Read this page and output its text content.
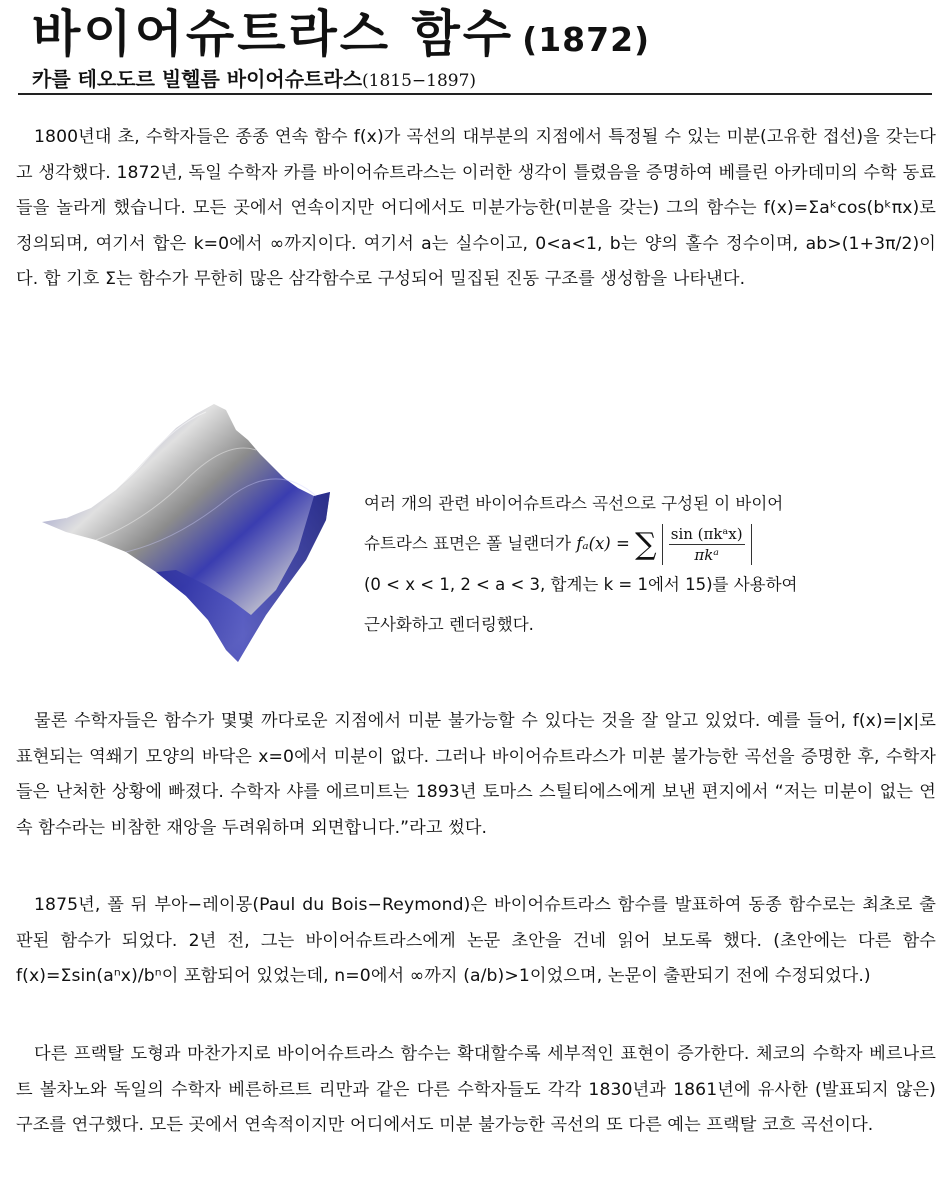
바이어슈트라스 함수 (1872)
카를 테오도르 빌헬름 바이어슈트라스(1815−1897)

1800년대 초, 수학자들은 종종 연속 함수 f(x)가 곡선의 대부분의 지점에서 특정될 수 있는 미분(고유한 접선)을 갖는다고 생각했다. 1872년, 독일 수학자 카를 바이어슈트라스는 이러한 생각이 틀렸음을 증명하여 베를린 아카데미의 수학 동료들을 놀라게 했습니다. 모든 곳에서 연속이지만 어디에서도 미분가능한(미분을 갖는) 그의 함수는 f(x)=Σaᵏcos(bᵏπx)로 정의되며, 여기서 합은 k=0에서 ∞까지이다. 여기서 a는 실수이고, 0<a<1, b는 양의 홀수 정수이며, ab>(1+3π/2)이다. 합 기호 Σ는 함수가 무한히 많은 삼각함수로 구성되어 밀집된 진동 구조를 생성함을 나타낸다.

여러 개의 관련 바이어슈트라스 곡선으로 구성된 이 바이어
슈트라스 표면은 폴 닐랜더가 fₐ(x) = ∑ $\frac{\text{sin (πkᵃx)}}{\text{πkᵃ}}$
(0 < x < 1, 2 < a < 3, 합계는 k = 1에서 15)를 사용하여
근사화하고 렌더링했다.

물론 수학자들은 함수가 몇몇 까다로운 지점에서 미분 불가능할 수 있다는 것을 잘 알고 있었다. 예를 들어, f(x)=|x|로 표현되는 역쐐기 모양의 바닥은 x=0에서 미분이 없다. 그러나 바이어슈트라스가 미분 불가능한 곡선을 증명한 후, 수학자들은 난처한 상황에 빠졌다. 수학자 샤를 에르미트는 1893년 토마스 스틸티에스에게 보낸 편지에서 “저는 미분이 없는 연속 함수라는 비참한 재앙을 두려워하며 외면합니다.”라고 썼다.

1875년, 폴 뒤 부아−레이몽(Paul du Bois−Reymond)은 바이어슈트라스 함수를 발표하여 동종 함수로는 최초로 출판된 함수가 되었다. 2년 전, 그는 바이어슈트라스에게 논문 초안을 건네 읽어 보도록 했다. (초안에는 다른 함수 f(x)=Σsin(aⁿx)/bⁿ이 포함되어 있었는데, n=0에서 ∞까지 (a/b)>1이었으며, 논문이 출판되기 전에 수정되었다.)

다른 프랙탈 도형과 마찬가지로 바이어슈트라스 함수는 확대할수록 세부적인 표현이 증가한다. 체코의 수학자 베르나르트 볼차노와 독일의 수학자 베른하르트 리만과 같은 다른 수학자들도 각각 1830년과 1861년에 유사한 (발표되지 않은) 구조를 연구했다. 모든 곳에서 연속적이지만 어디에서도 미분 불가능한 곡선의 또 다른 예는 프랙탈 코흐 곡선이다.
